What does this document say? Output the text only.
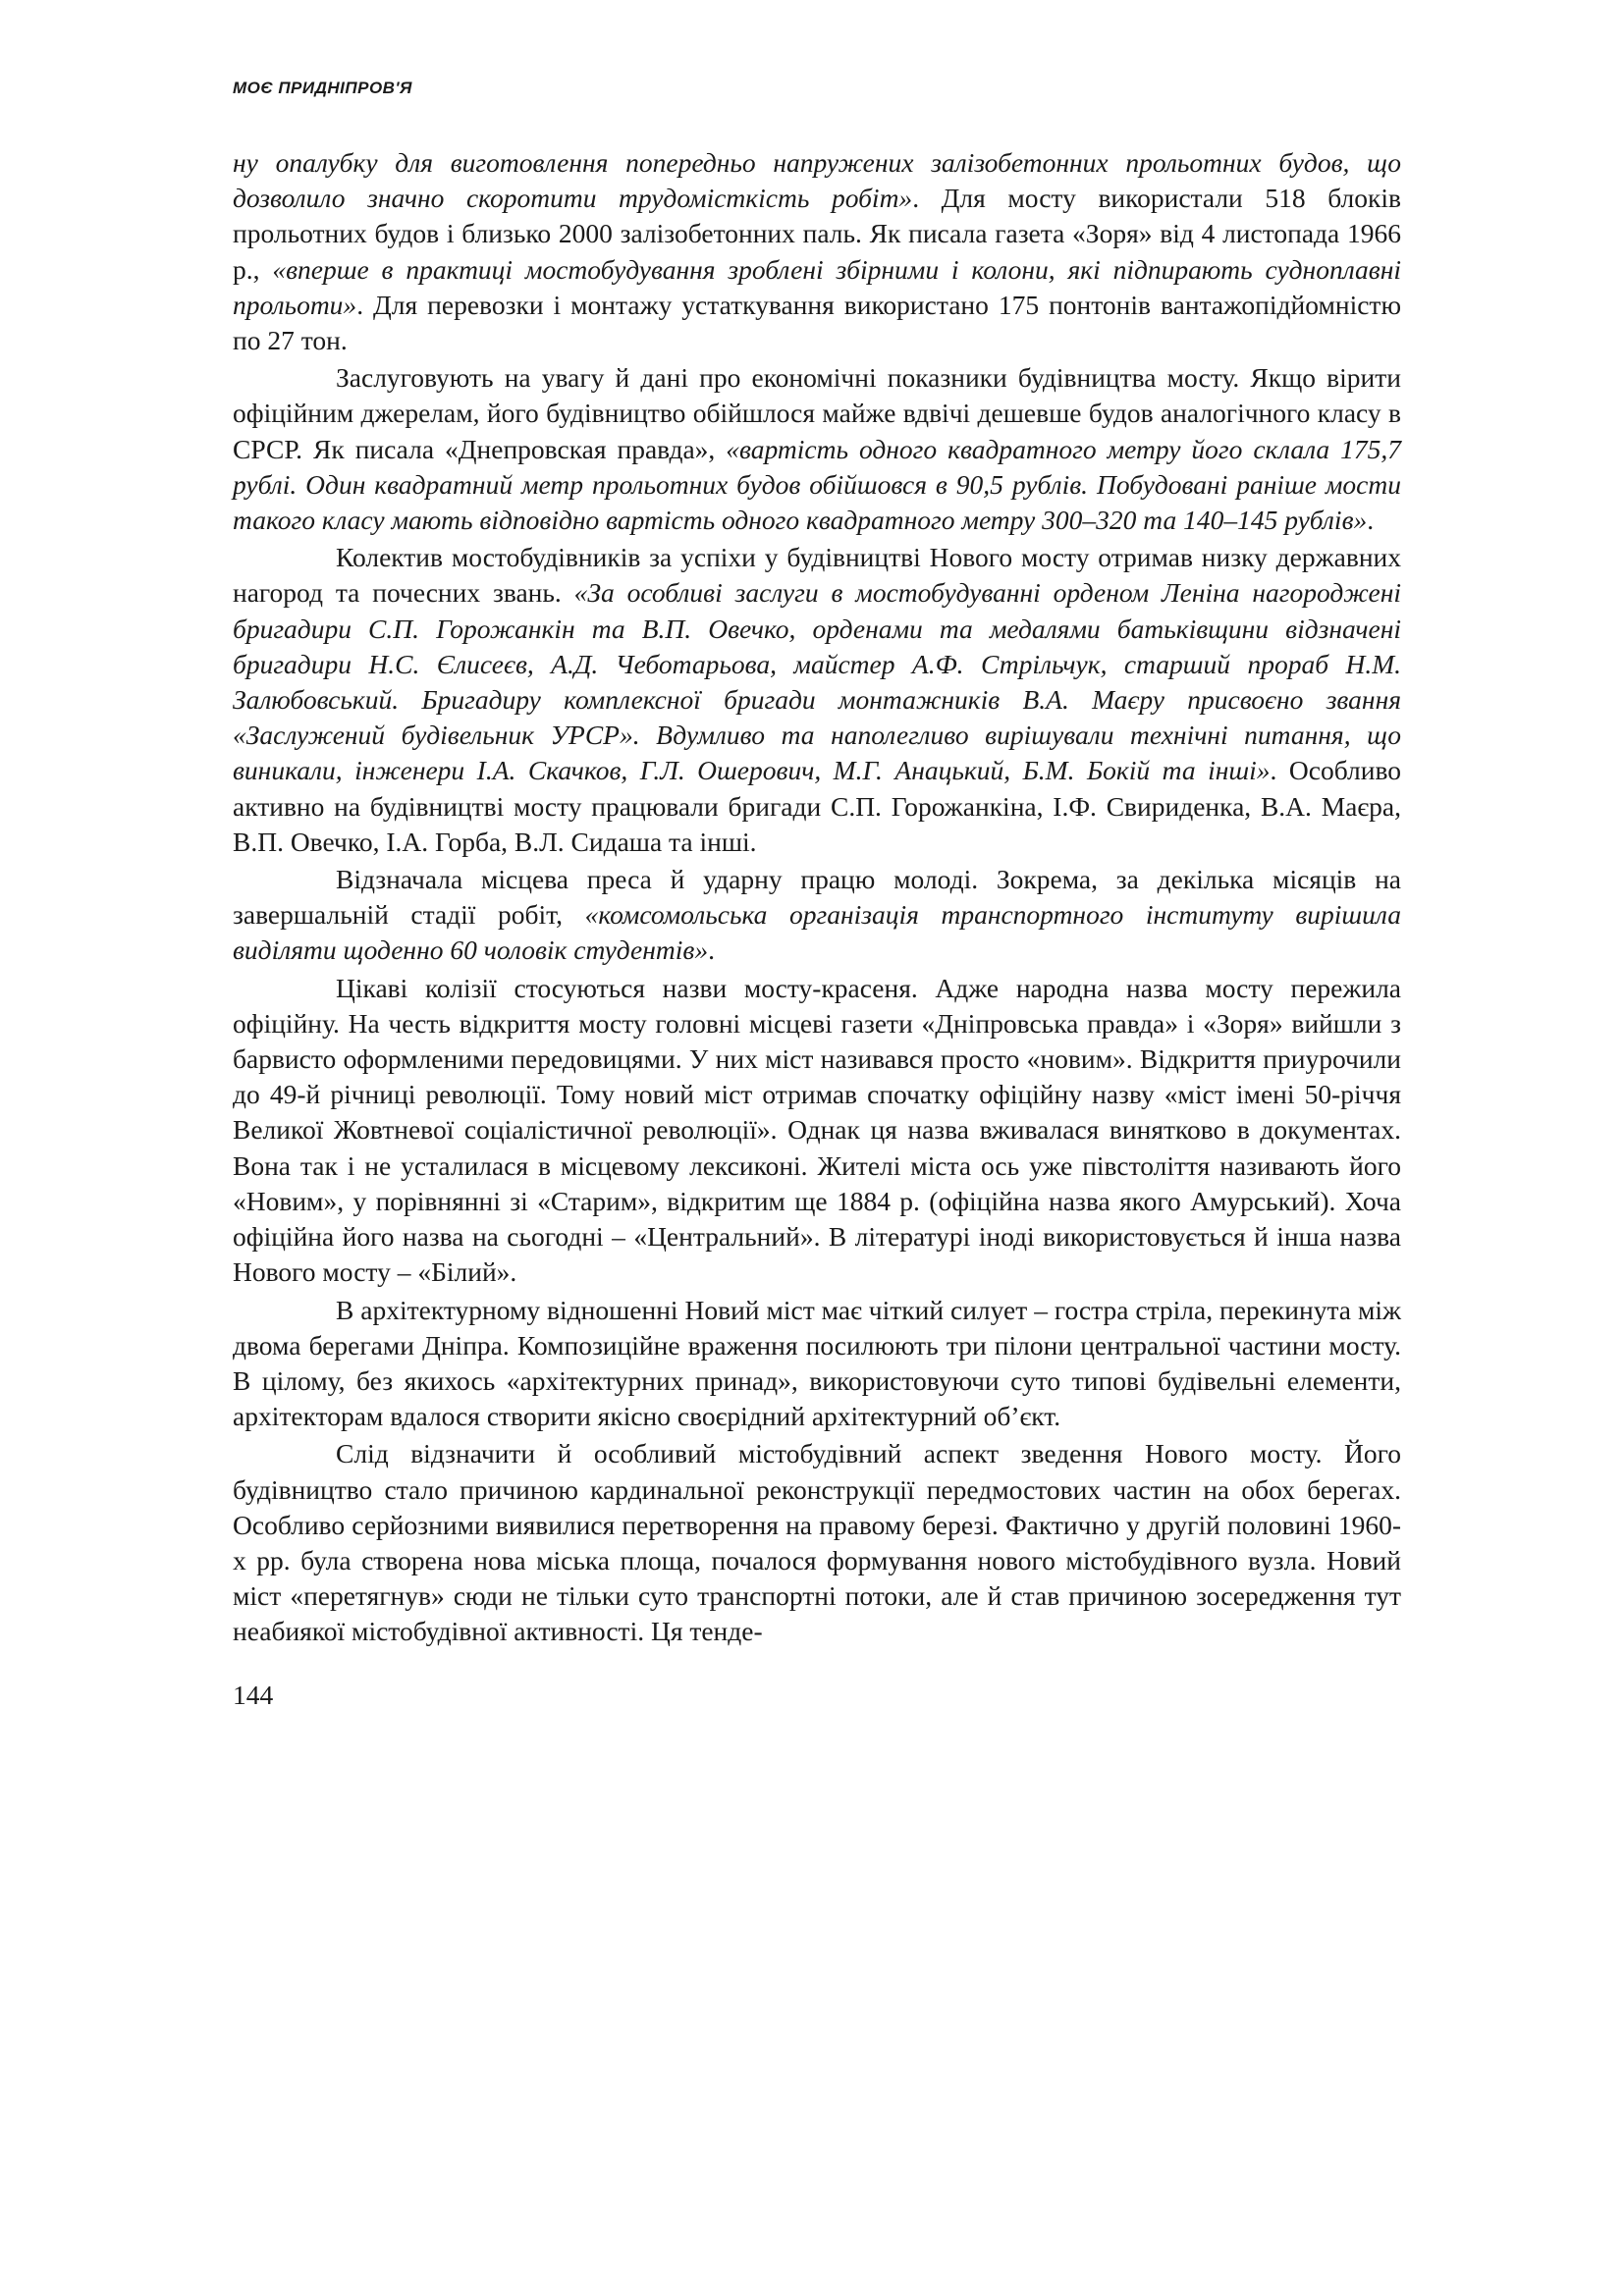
МОЄ ПРИДНІПРОВ'Я

ну опалубку для виготовлення попередньо напружених залізобетонних прольотних будов, що дозволило значно скоротити трудомісткість робіт». Для мосту використали 518 блоків прольотних будов і близько 2000 залізобетонних паль. Як писала газета «Зоря» від 4 листопада 1966 р., «вперше в практиці мостобудування зроблені збірними і колони, які підпирають судноплавні прольоти». Для перевозки і монтажу устаткування використано 175 понтонів вантажопідйомністю по 27 тон.

Заслуговують на увагу й дані про економічні показники будівництва мосту. Якщо вірити офіційним джерелам, його будівництво обійшлося майже вдвічі дешевше будов аналогічного класу в СРСР. Як писала «Днепровская правда», «вартість одного квадратного метру його склала 175,7 рублі. Один квадратний метр прольотних будов обійшовся в 90,5 рублів. Побудовані раніше мости такого класу мають відповідно вартість одного квадратного метру 300–320 та 140–145 рублів».

Колектив мостобудівників за успіхи у будівництві Нового мосту отримав низку державних нагород та почесних звань. «За особливі заслуги в мостобудуванні орденом Леніна нагороджені бригадири С.П. Горожанкін та В.П. Овечко, орденами та медалями батьківщини відзначені бригадири Н.С. Єлисеєв, А.Д. Чеботарьова, майстер А.Ф. Стрільчук, старший прораб Н.М. Залюбовський. Бригадиру комплексної бригади монтажників В.А. Маєру присвоєно звання «Заслужений будівельник УРСР». Вдумливо та наполегливо вирішували технічні питання, що виникали, інженери І.А. Скачков, Г.Л. Ошерович, М.Г. Анацький, Б.М. Бокій та інші». Особливо активно на будівництві мосту працювали бригади С.П. Горожанкіна, І.Ф. Свириденка, В.А. Маєра, В.П. Овечко, І.А. Горба, В.Л. Сидаша та інші.

Відзначала місцева преса й ударну працю молоді. Зокрема, за декілька місяців на завершальній стадії робіт, «комсомольська організація транспортного інституту вирішила виділяти щоденно 60 чоловік студентів».

Цікаві колізії стосуються назви мосту-красеня. Адже народна назва мосту пережила офіційну. На честь відкриття мосту головні місцеві газети «Дніпровська правда» і «Зоря» вийшли з барвисто оформленими передовицями. У них міст називався просто «новим». Відкриття приурочили до 49-й річниці революції. Тому новий міст отримав спочатку офіційну назву «міст імені 50-річчя Великої Жовтневої соціалістичної революції». Однак ця назва вживалася винятково в документах. Вона так і не усталилася в місцевому лексиконі. Жителі міста ось уже півстоліття називають його «Новим», у порівнянні зі «Старим», відкритим ще 1884 р. (офіційна назва якого Амурський). Хоча офіційна його назва на сьогодні – «Центральний». В літературі іноді використовується й інша назва Нового мосту – «Білий».

В архітектурному відношенні Новий міст має чіткий силует – гостра стріла, перекинута між двома берегами Дніпра. Композиційне враження посилюють три пілони центральної частини мосту. В цілому, без якихось «архітектурних принад», використовуючи суто типові будівельні елементи, архітекторам вдалося створити якісно своєрідний архітектурний об’єкт.

Слід відзначити й особливий містобудівний аспект зведення Нового мосту. Його будівництво стало причиною кардинальної реконструкції передмостових частин на обох берегах. Особливо серйозними виявилися перетворення на правому березі. Фактично у другій половині 1960-х рр. була створена нова міська площа, почалося формування нового містобудівного вузла. Новий міст «перетягнув» сюди не тільки суто транспортні потоки, але й став причиною зосередження тут неабиякої містобудівної активності. Ця тенде-

144
